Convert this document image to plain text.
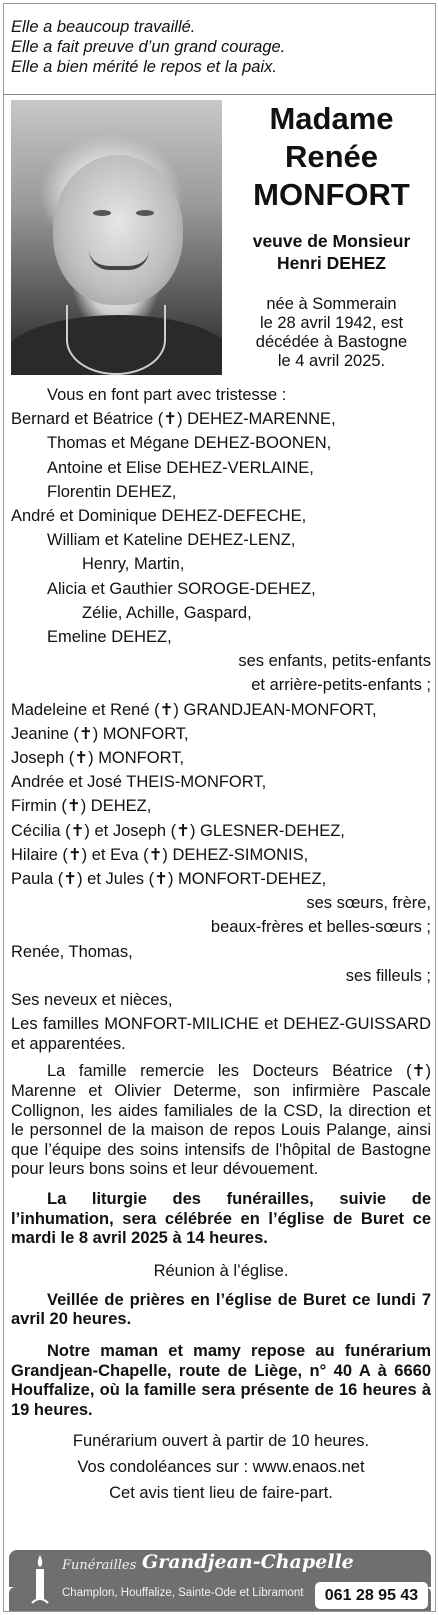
Elle a beaucoup travaillé.
Elle a fait preuve d’un grand courage.
Elle a bien mérité le repos et la paix.
Madame
Renée
MONFORT
veuve de Monsieur
Henri DEHEZ
née à Sommerain
le 28 avril 1942, est
décédée à Bastogne
le 4 avril 2025.
Vous en font part avec tristesse :
Bernard et Béatrice (✝) DEHEZ-MARENNE,
Thomas et Mégane DEHEZ-BOONEN,
Antoine et Elise DEHEZ-VERLAINE,
Florentin DEHEZ,
André et Dominique DEHEZ-DEFECHE,
William et Kateline DEHEZ-LENZ,
Henry, Martin,
Alicia et Gauthier SOROGE-DEHEZ,
Zélie, Achille, Gaspard,
Emeline DEHEZ,
ses enfants, petits-enfants
et arrière-petits-enfants ;
Madeleine et René (✝) GRANDJEAN-MONFORT,
Jeanine (✝) MONFORT,
Joseph (✝) MONFORT,
Andrée et José THEIS-MONFORT,
Firmin (✝) DEHEZ,
Cécilia (✝) et Joseph (✝) GLESNER-DEHEZ,
Hilaire (✝) et Eva (✝) DEHEZ-SIMONIS,
Paula (✝) et Jules (✝) MONFORT-DEHEZ,
ses sœurs, frère,
beaux-frères et belles-sœurs ;
Renée, Thomas,
ses filleuls ;
Ses neveux et nièces,
Les familles MONFORT-MILICHE et DEHEZ-GUISSARD et apparentées.
La famille remercie les Docteurs Béatrice (✝) Marenne et Olivier Determe, son infirmière Pascale Collignon, les aides familiales de la CSD, la direction et le personnel de la maison de repos Louis Palange, ainsi que l’équipe des soins intensifs de l'hôpital de Bastogne pour leurs bons soins et leur dévouement.
La liturgie des funérailles, suivie de l’inhumation, sera célébrée en l’église de Buret ce mardi le 8 avril 2025 à 14 heures.
Réunion à l’église.
Veillée de prières en l’église de Buret ce lundi 7 avril 20 heures.
Notre maman et mamy repose au funérarium Grandjean-Chapelle, route de Liège, n° 40 A à 6660 Houffalize, où la famille sera présente de 16 heures à 19 heures.
Funérarium ouvert à partir de 10 heures.
Vos condoléances sur : www.enaos.net
Cet avis tient lieu de faire-part.
Funérailles Grandjean-Chapelle
Champlon, Houffalize, Sainte-Ode et Libramont	061 28 95 43
